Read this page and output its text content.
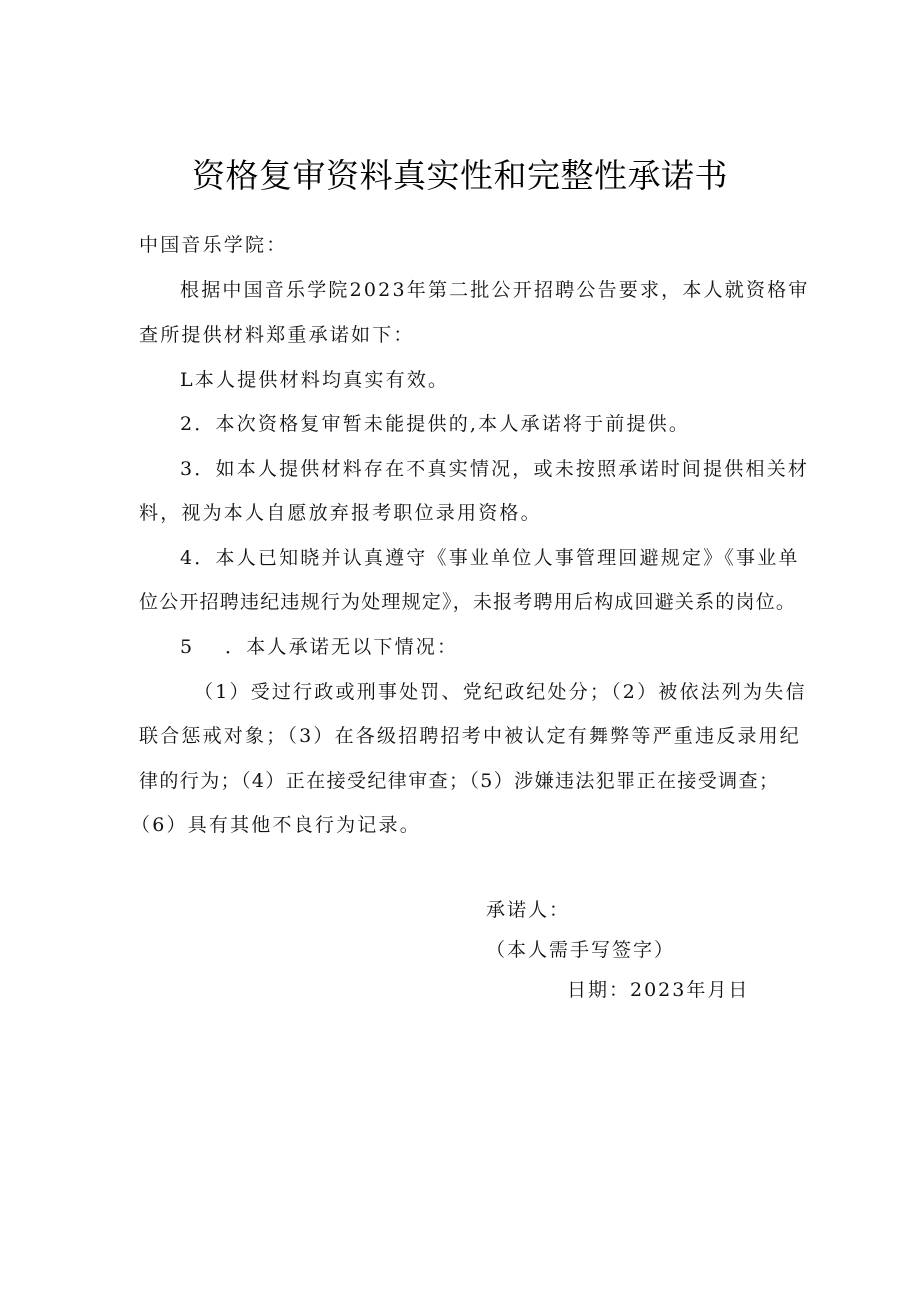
资格复审资料真实性和完整性承诺书
中国音乐学院：
根据中国音乐学院2023年第二批公开招聘公告要求，本人就资格审
查所提供材料郑重承诺如下：
L本人提供材料均真实有效。
2．本次资格复审暂未能提供的,本人承诺将于前提供。
3．如本人提供材料存在不真实情况，或未按照承诺时间提供相关材
料，视为本人自愿放弃报考职位录用资格。
4．本人已知晓并认真遵守《事业单位人事管理回避规定》《事业单
位公开招聘违纪违规行为处理规定》，未报考聘用后构成回避关系的岗位。
5 ．本人承诺无以下情况：
（1）受过行政或刑事处罚、党纪政纪处分；（2）被依法列为失信
联合惩戒对象；（3）在各级招聘招考中被认定有舞弊等严重违反录用纪
律的行为；（4）正在接受纪律审查；（5）涉嫌违法犯罪正在接受调查；
（6）具有其他不良行为记录。
承诺人：
（本人需手写签字）
日期：2023年月日
